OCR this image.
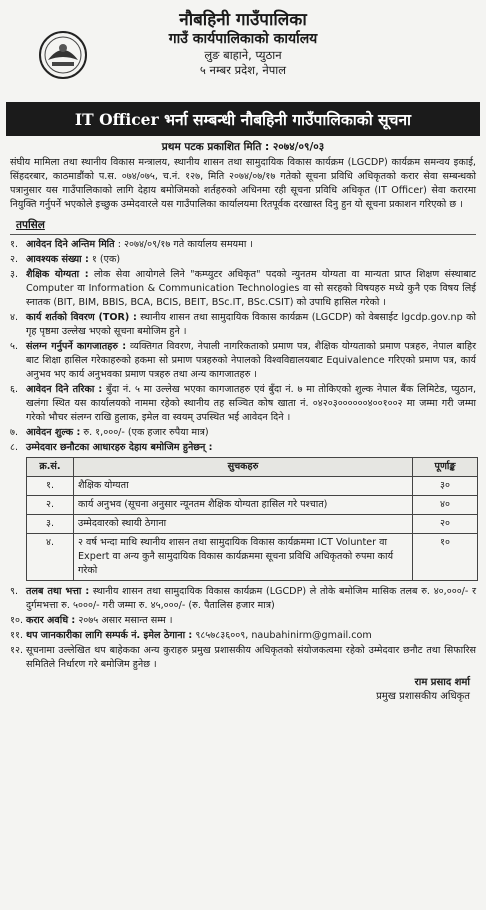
नौबहिनी गाउँपालिका
गाउँ कार्यपालिकाको कार्यालय
लुङ बाहाने, प्युठान
५ नम्बर प्रदेश, नेपाल
IT Officer भर्ना सम्बन्धी नौबहिनी गाउँपालिकाको सूचना
प्रथम पटक प्रकाशित मिति : २०७४/०९/०३
संघीय मामिला तथा स्थानीय विकास मन्त्रालय, स्थानीय शासन तथा सामुदायिक विकास कार्यक्रम (LGCDP) कार्यक्रम समन्वय इकाई, सिंहदरबार, काठमाडौंको प.स. ०७४/०७५, च.नं. १२७, मिति २०७४/०७/१७ गतेको सूचना प्रविधि अधिकृतको करार सेवा सम्बन्धको पत्रानुसार यस गाउँपालिकाको लागि देहाय बमोजिमको शर्तहरुको अधिनमा रही सूचना प्रविधि अधिकृत (IT Officer) सेवा करारमा नियुक्ति गर्नुपर्ने भएकोले इच्छुक उम्मेदवारले यस गाउँपालिका कार्यालयमा रितपूर्वक दरखास्त दिनु हुन यो सूचना प्रकाशन गरिएको छ ।
तपसिल
१. आवेदन दिने अन्तिम मिति : २०७४/०९/१७ गते कार्यालय समयमा ।
२. आवश्यक संख्या : १ (एक)
३. शैक्षिक योग्यता : लोक सेवा आयोगले लिने "कम्प्युटर अधिकृत" पदको न्युनतम योग्यता वा मान्यता प्राप्त शिक्षण संस्थाबाट Computer वा Information & Communication Technologies वा सो सरहको विषयहरु मध्ये कुनै एक विषय लिई स्नातक (BIT, BIM, BBIS, BCA, BCIS, BEIT, BSc.IT, BSc.CSIT) को उपाधि हासिल गरेको ।
४. कार्य शर्तको विवरण (TOR) : स्थानीय शासन तथा सामुदायिक विकास कार्यक्रम (LGCDP) को वेबसाईट lgcdp.gov.np को गृह पृष्ठमा उल्लेख भएको सूचना बमोजिम हुने ।
५. संलग्न गर्नुपर्ने कागजातहरु : व्यक्तिगत विवरण, नेपाली नागरिकताको प्रमाण पत्र, शैक्षिक योग्यताको प्रमाण पत्रहरु, नेपाल बाहिर बाट शिक्षा हासिल गरेकाहरुको हकमा सो प्रमाण पत्रहरुको नेपालको विश्वविद्यालयबाट Equivalence गरिएको प्रमाण पत्र, कार्य अनुभव भए कार्य अनुभवका प्रमाण पत्रहरु तथा अन्य कागजातहरु ।
६. आवेदन दिने तरिका : बुँदा नं. ५ मा उल्लेख भएका कागजातहरु एवं बुँदा नं. ७ मा तोकिएको शुल्क नेपाल बैंक लिमिटेड, प्युठान, खलंगा स्थित यस कार्यालयको नाममा रहेको स्थानीय तह सञ्चित कोष खाता नं. ०४२०३००००००४००१००२ मा जम्मा गरी जम्मा गरेको भौचर संलग्न राखि हुलाक, इमेल वा स्वयम् उपस्थित भई आवेदन दिने ।
७. आवेदन शुल्क : रु. १,०००/- (एक हजार रुपैया मात्र)
८. उम्मेदवार छनौटका आधारहरु देहाय बमोजिम हुनेछन् :
क्र.सं.	सुचकहरु	पूर्णाङ्क
१.	शैक्षिक योग्यता	३०
२.	कार्य अनुभव (सूचना अनुसार न्यूनतम शैक्षिक योग्यता हासिल गरे पश्चात)	४०
३.	उम्मेदवारको स्थायी ठेगाना	२०
४.	२ वर्ष भन्दा माथि स्थानीय शासन तथा सामुदायिक विकास कार्यक्रममा ICT Volunter वा Expert वा अन्य कुनै सामुदायिक विकास कार्यक्रममा सूचना प्रविधि अधिकृतको रुपमा कार्य गरेको	१०
९. तलब तथा भत्ता : स्थानीय शासन तथा सामुदायिक विकास कार्यक्रम (LGCDP) ले तोके बमोजिम मासिक तलब रु. ४०,०००/- र दुर्गमभत्ता रु. ५०००/- गरी जम्मा रु. ४५,०००/- (रु. पैतालिस हजार मात्र)
१०. करार अवधि : २०७५ असार मसान्त सम्म ।
११. थप जानकारीका लागि सम्पर्क नं. इमेल ठेगाना : ९८५७८३६००९, naubahinirm@gmail.com
१२. सूचनामा उल्लेखित थप बाहेकका अन्य कुराहरु प्रमुख प्रशासकीय अधिकृतको संयोजकत्वमा रहेको उम्मेदवार छनौट तथा सिफारिस समितिले निर्धारण गरे बमोजिम हुनेछ ।
राम प्रसाद शर्मा
प्रमुख प्रशासकीय अधिकृत
